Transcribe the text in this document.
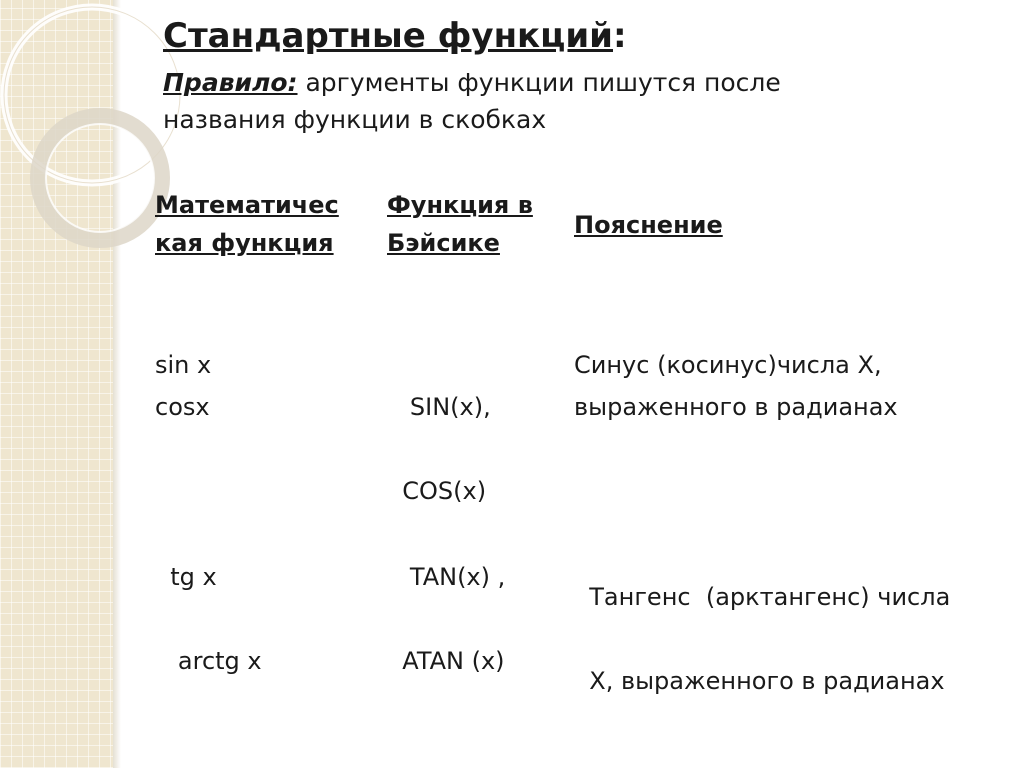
Стандартные функций:
Правило: аргументы функции пишутся после
названия функции в скобках
Математичес
кая функция
Функция в
Бэйсике
Пояснение
sin x
cosx	SIN(x),

COS(x)

Синус (косинус)числа X,
выраженного в радианах

tg x

arctg x

TAN(x) ,

ATAN (x)

Тангенс  (арктангенс) числа

X, выраженного в радианах
